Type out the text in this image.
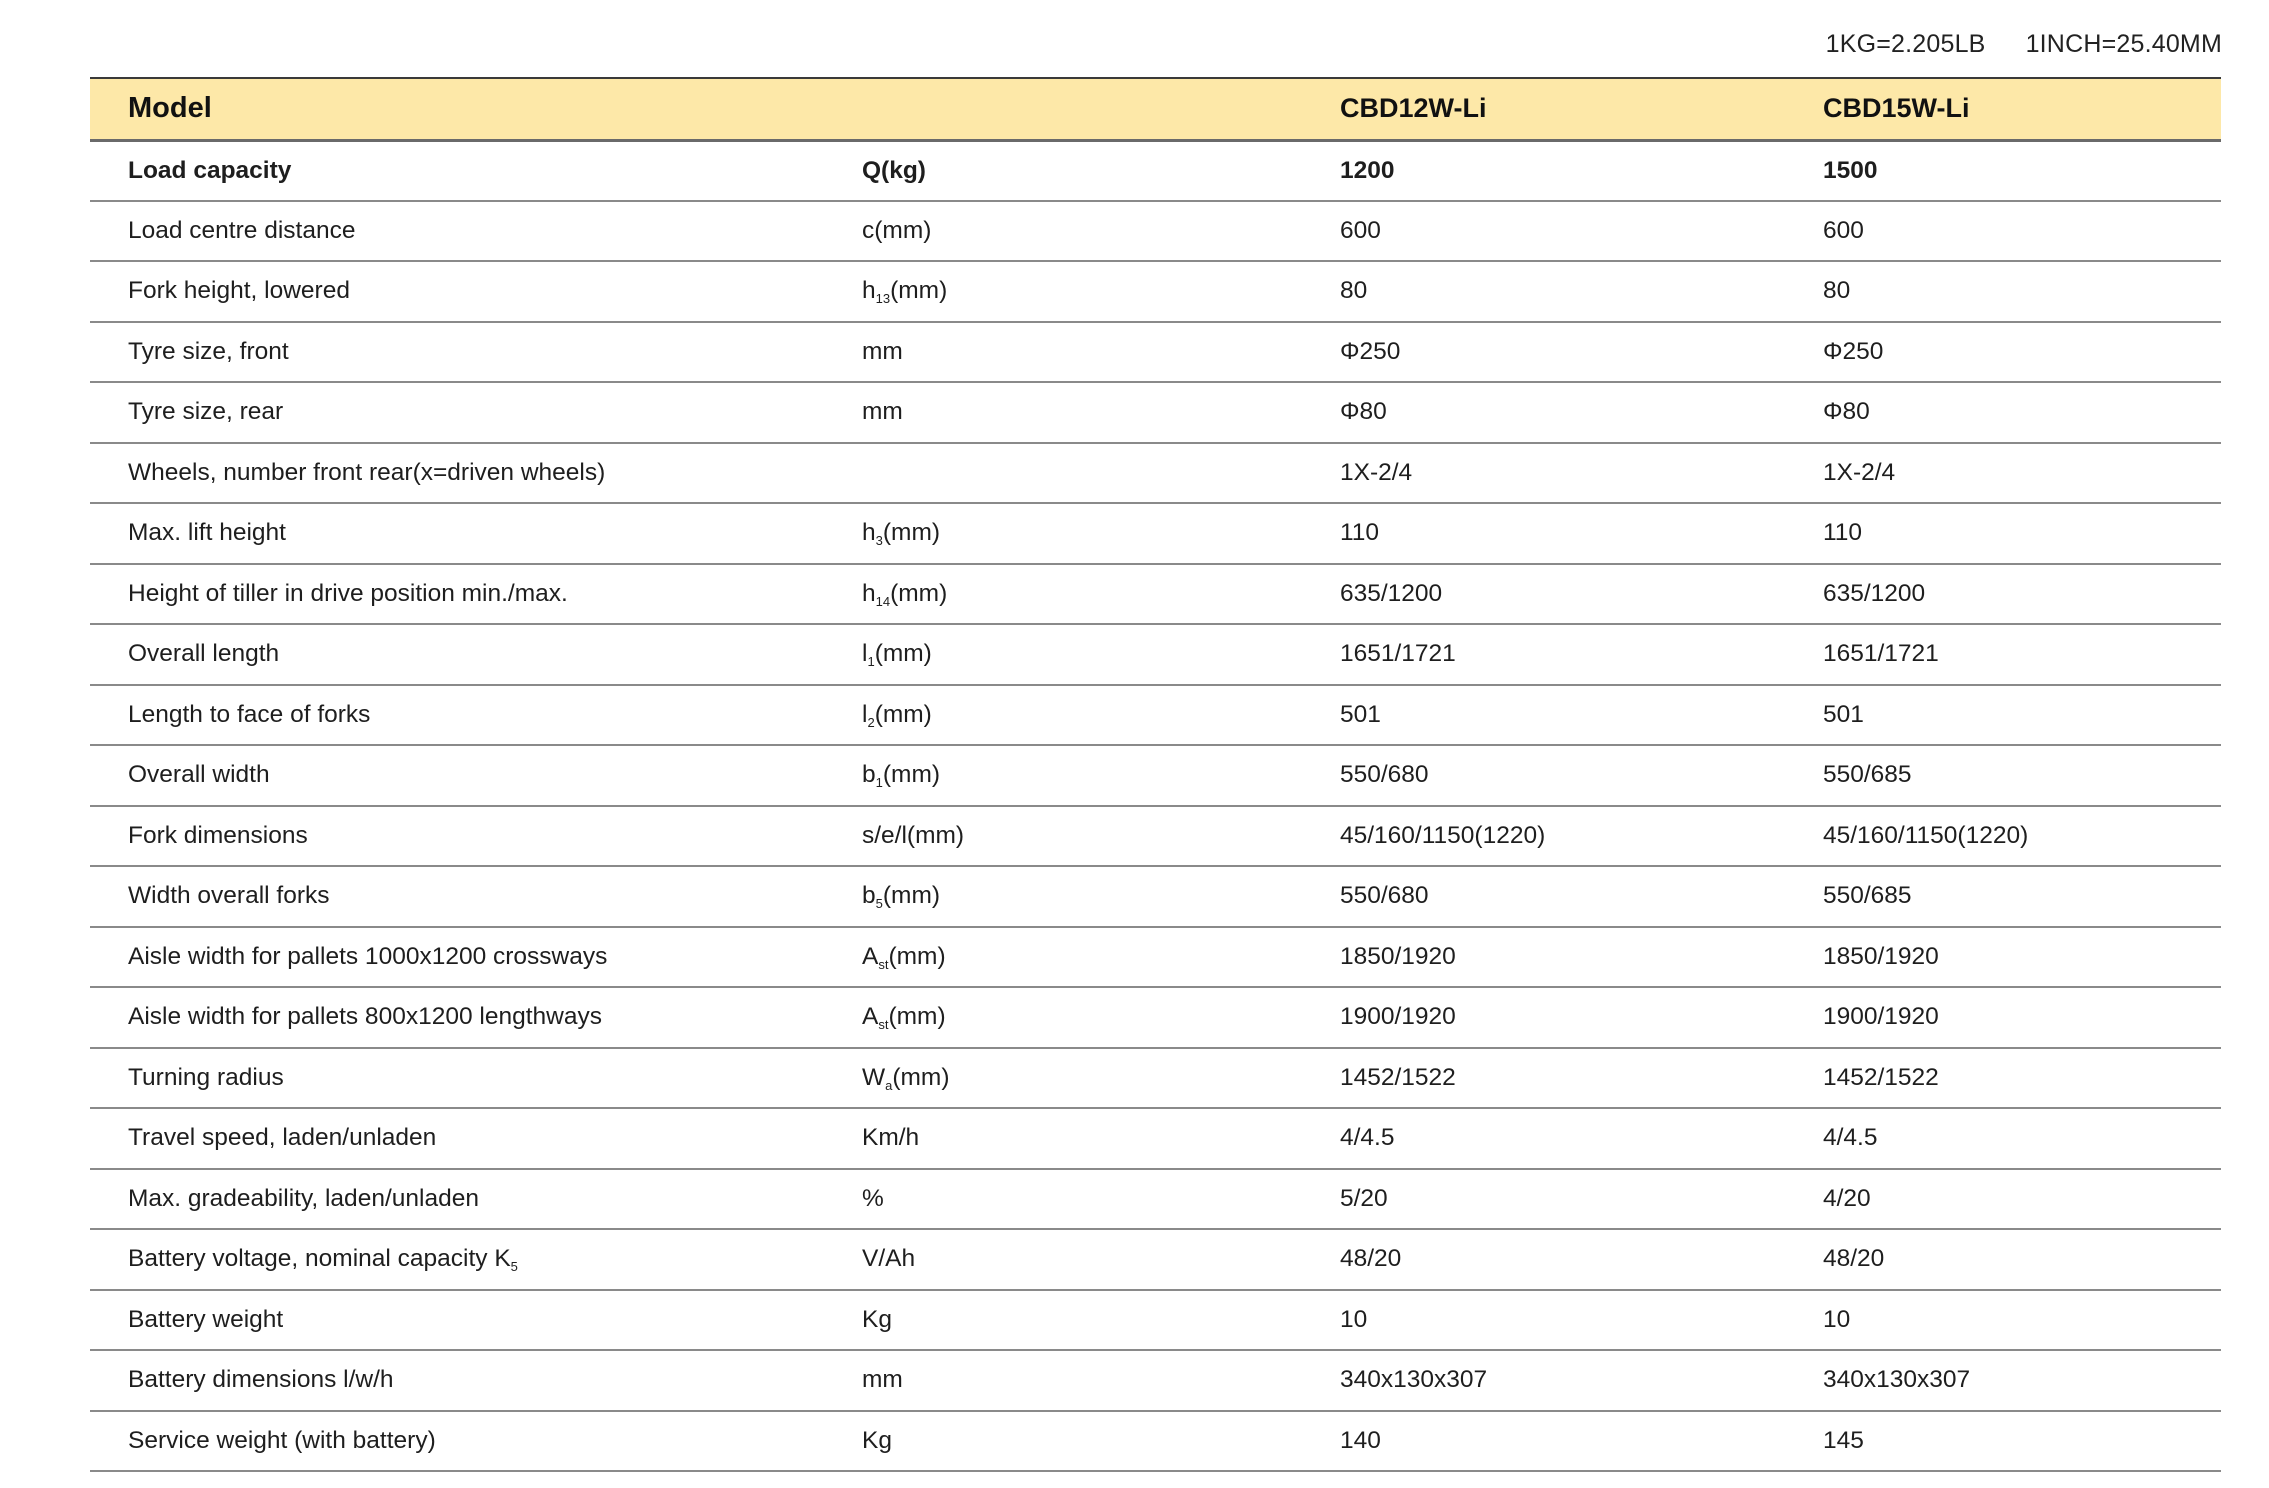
1KG=2.205LB 1INCH=25.40MM
Model		CBD12W-Li	CBD15W-Li
Load capacity	Q(kg)	1200	1500
Load centre distance	c(mm)	600	600
Fork height, lowered	$h_{13}(mm)$	80	80
Tyre size, front	mm	Φ250	Φ250
Tyre size, rear	mm	Φ80	Φ80
Wheels, number front rear(x=driven wheels)		1X-2/4	1X-2/4
Max. lift height	$h_3(mm)$	110	110
Height of tiller in drive position min./max.	$h_{14}(mm)$	635/1200	635/1200
Overall length	$l_1(mm)$	1651/1721	1651/1721
Length to face of forks	$l_2(mm)$	501	501
Overall width	$b_1(mm)$	550/680	550/685
Fork dimensions	s/e/l(mm)	45/160/1150(1220)	45/160/1150(1220)
Width overall forks	$b_5(mm)$	550/680	550/685
Aisle width for pallets 1000x1200 crossways	$A_{st}(mm)$	1850/1920	1850/1920
Aisle width for pallets 800x1200 lengthways	$A_{st}(mm)$	1900/1920	1900/1920
Turning radius	$W_a(mm)$	1452/1522	1452/1522
Travel speed, laden/unladen	Km/h	4/4.5	4/4.5
Max. gradeability, laden/unladen	%	5/20	4/20
Battery voltage, nominal capacity $K_5$	V/Ah	48/20	48/20
Battery weight	Kg	10	10
Battery dimensions l/w/h	mm	340x130x307	340x130x307
Service weight (with battery)	Kg	140	145
